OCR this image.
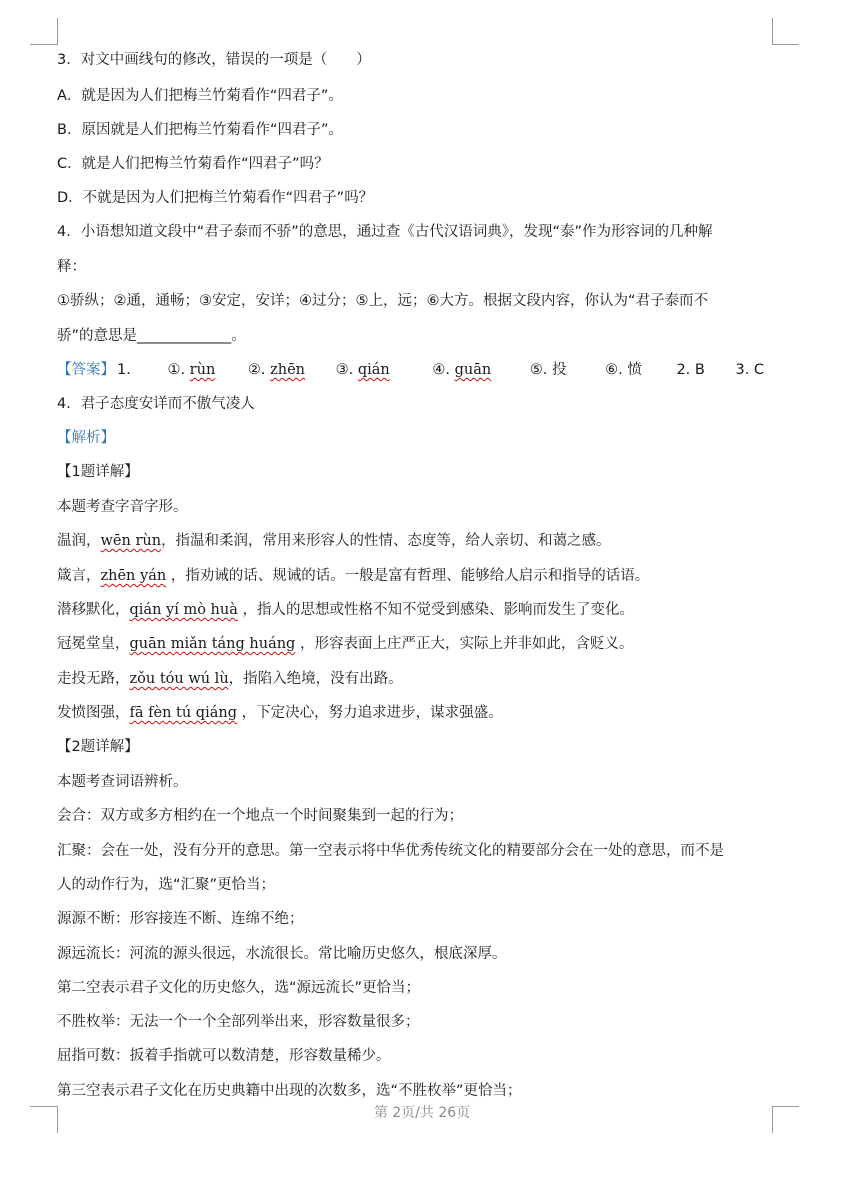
3．对文中画线句的修改，错误的一项是（　　）
A．就是因为人们把梅兰竹菊看作“四君子”。
B．原因就是人们把梅兰竹菊看作“四君子”。
C．就是人们把梅兰竹菊看作“四君子”吗？
D．不就是因为人们把梅兰竹菊看作“四君子”吗？
4．小语想知道文段中“君子泰而不骄”的意思，通过查《古代汉语词典》，发现“泰”作为形容词的几种解
释：
①骄纵；②通，通畅；③安定，安详；④过分；⑤上，远；⑥大方。根据文段内容，你认为“君子泰而不
骄”的意思是_____________。
【答案】 1.	①. rùn ②. zhēn ③. qián	④. guān	⑤. 投	⑥. 愤 2. B 3. C
4．君子态度安详而不傲气凌人
【解析】
【1题详解】
本题考查字音字形。
温润，wēn rùn，指温和柔润，常用来形容人的性情、态度等，给人亲切、和蔼之感。
箴言，zhēn yán ，指劝诫的话、规诫的话。一般是富有哲理、能够给人启示和指导的话语。
潜移默化，qián yí mò huà ，指人的思想或性格不知不觉受到感染、影响而发生了变化。
冠冕堂皇，guān miǎn táng huáng ，形容表面上庄严正大，实际上并非如此，含贬义。
走投无路，zǒu tóu wú lù，指陷入绝境，没有出路。
发愤图强，fā fèn tú qiáng ，下定决心，努力追求进步，谋求强盛。
【2题详解】
本题考查词语辨析。
会合：双方或多方相约在一个地点一个时间聚集到一起的行为；
汇聚：会在一处，没有分开的意思。第一空表示将中华优秀传统文化的精要部分会在一处的意思，而不是
人的动作行为，选“汇聚”更恰当；
源源不断：形容接连不断、连绵不绝；
源远流长：河流的源头很远，水流很长。常比喻历史悠久，根底深厚。
第二空表示君子文化的历史悠久，选“源远流长”更恰当；
不胜枚举：无法一个一个全部列举出来，形容数量很多；
屈指可数：扳着手指就可以数清楚，形容数量稀少。
第三空表示君子文化在历史典籍中出现的次数多，选“不胜枚举”更恰当；
第 2页/共 26页
